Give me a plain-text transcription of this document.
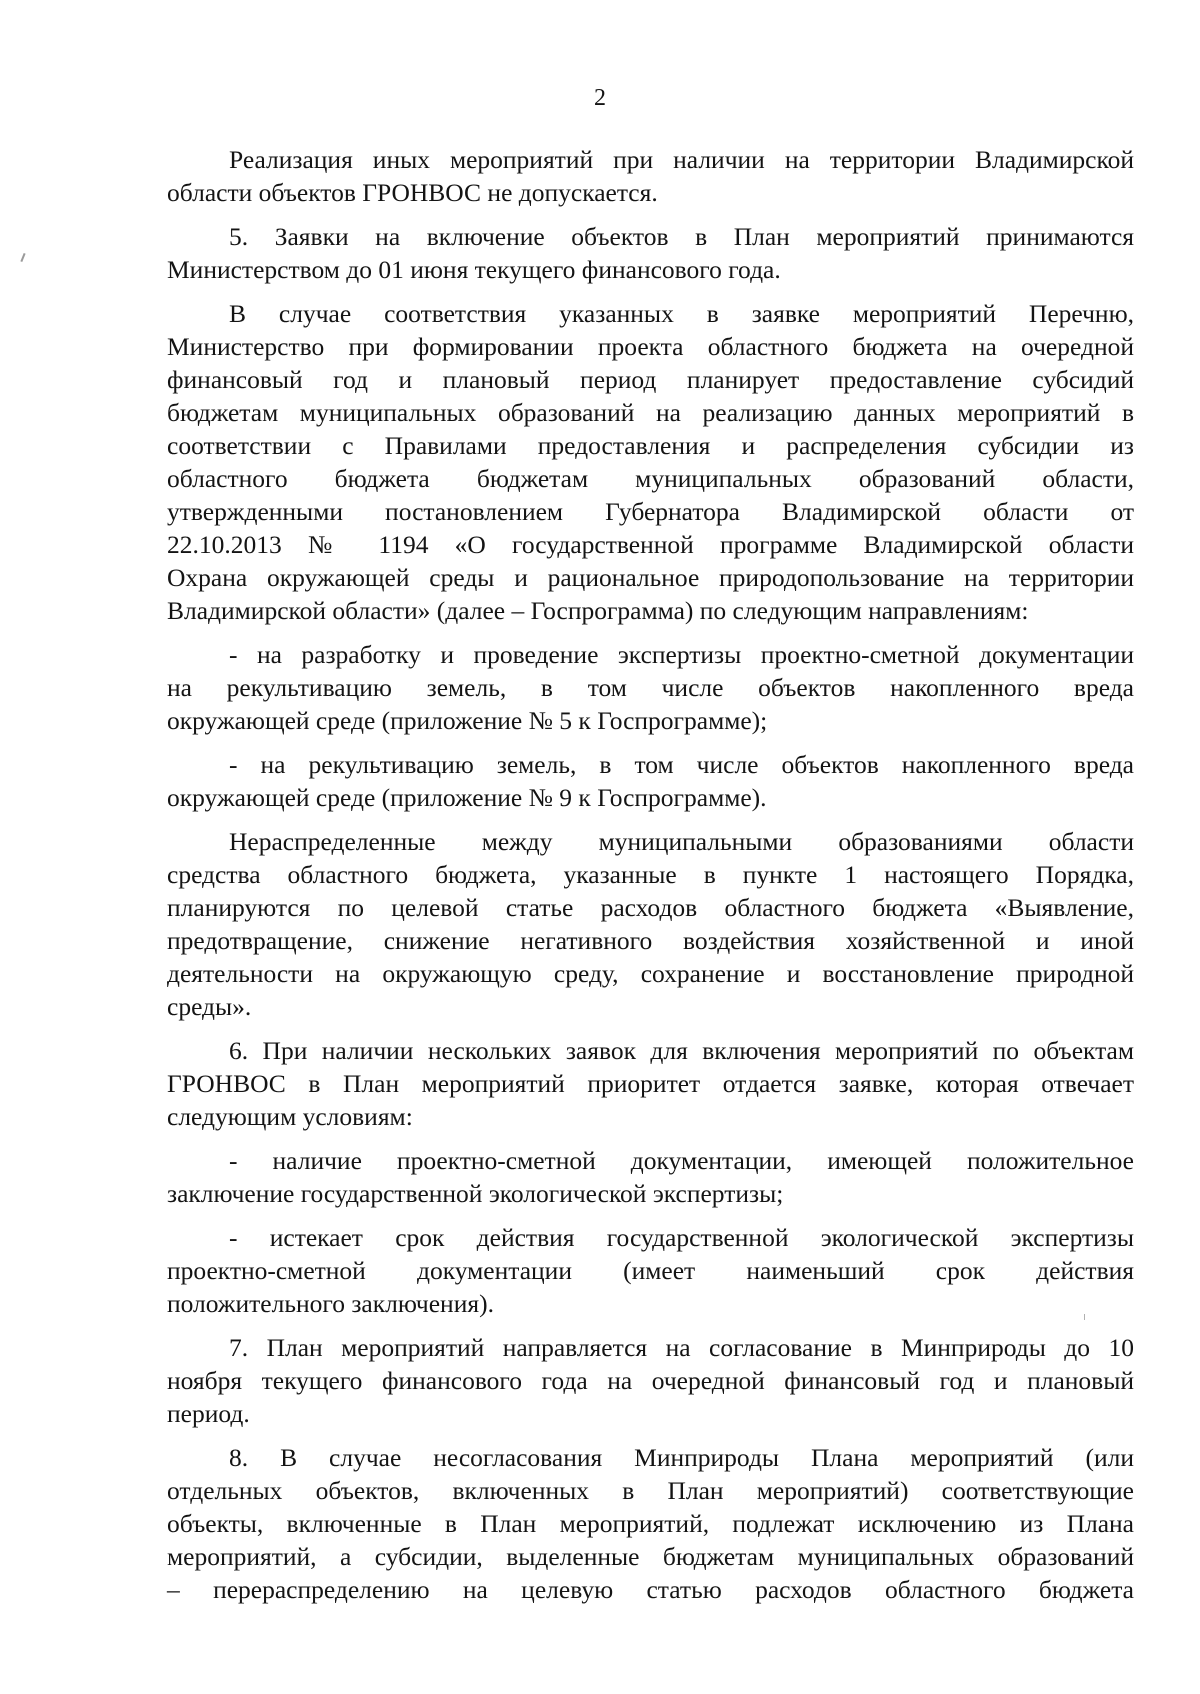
2
Реализация иных мероприятий при наличии на территории Владимирской
области объектов ГРОНВОС не допускается.
5. Заявки на включение объектов в План мероприятий принимаются
Министерством до 01 июня текущего финансового года.
В случае соответствия указанных в заявке мероприятий Перечню,
Министерство при формировании проекта областного бюджета на очередной
финансовый год и плановый период планирует предоставление субсидий
бюджетам муниципальных образований на реализацию данных мероприятий в
соответствии с Правилами предоставления и распределения субсидии из
областного бюджета бюджетам муниципальных образований области,
утвержденными постановлением Губернатора Владимирской области от
22.10.2013 № 1194 «О государственной программе Владимирской области
Охрана окружающей среды и рациональное природопользование на территории
Владимирской области» (далее – Госпрограмма) по следующим направлениям:
- на разработку и проведение экспертизы проектно-сметной документации
на рекультивацию земель, в том числе объектов накопленного вреда
окружающей среде (приложение № 5 к Госпрограмме);
- на рекультивацию земель, в том числе объектов накопленного вреда
окружающей среде (приложение № 9 к Госпрограмме).
Нераспределенные между муниципальными образованиями области
средства областного бюджета, указанные в пункте 1 настоящего Порядка,
планируются по целевой статье расходов областного бюджета «Выявление,
предотвращение, снижение негативного воздействия хозяйственной и иной
деятельности на окружающую среду, сохранение и восстановление природной
среды».
6. При наличии нескольких заявок для включения мероприятий по объектам
ГРОНВОС в План мероприятий приоритет отдается заявке, которая отвечает
следующим условиям:
- наличие проектно-сметной документации, имеющей положительное
заключение государственной экологической экспертизы;
- истекает срок действия государственной экологической экспертизы
проектно-сметной документации (имеет наименьший срок действия
положительного заключения).
7. План мероприятий направляется на согласование в Минприроды до 10
ноября текущего финансового года на очередной финансовый год и плановый
период.
8. В случае несогласования Минприроды Плана мероприятий (или
отдельных объектов, включенных в План мероприятий) соответствующие
объекты, включенные в План мероприятий, подлежат исключению из Плана
мероприятий, а субсидии, выделенные бюджетам муниципальных образований
– перераспределению на целевую статью расходов областного бюджета
